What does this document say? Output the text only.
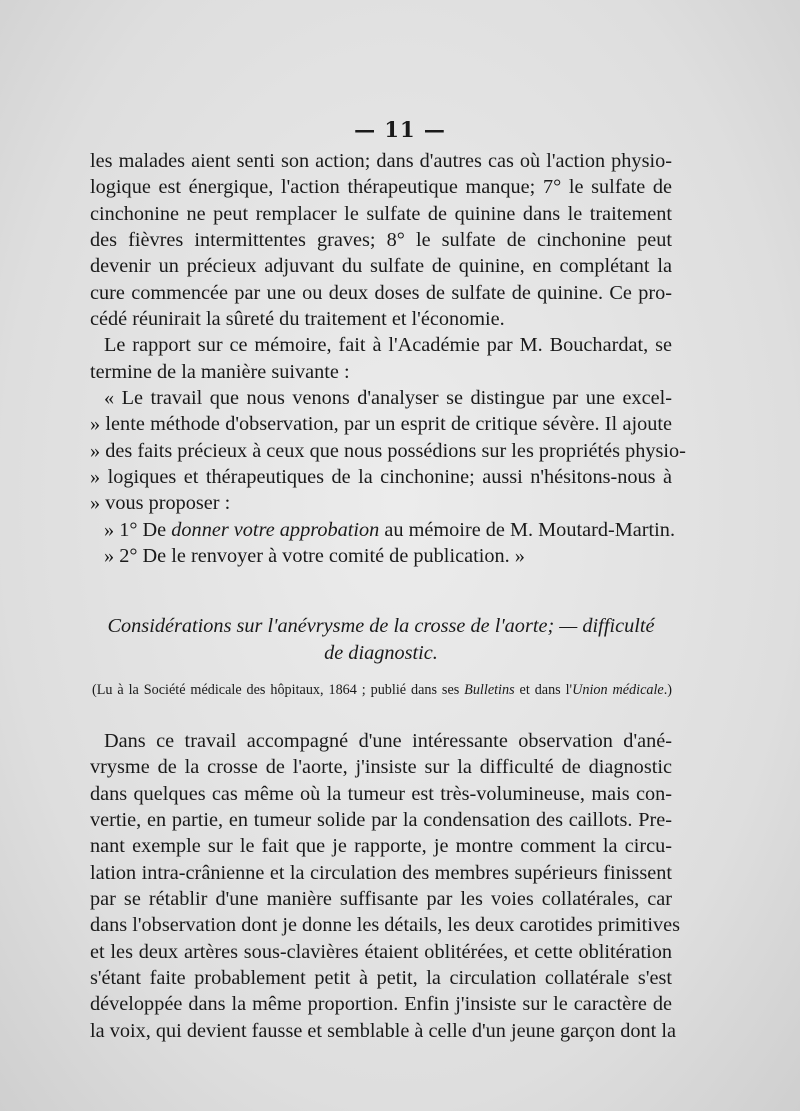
— 11 —
les malades aient senti son action; dans d'autres cas où l'action physio-
logique est énergique, l'action thérapeutique manque; 7° le sulfate de
cinchonine ne peut remplacer le sulfate de quinine dans le traitement
des fièvres intermittentes graves; 8° le sulfate de cinchonine peut
devenir un précieux adjuvant du sulfate de quinine, en complétant la
cure commencée par une ou deux doses de sulfate de quinine. Ce pro-
cédé réunirait la sûreté du traitement et l'économie.
Le rapport sur ce mémoire, fait à l'Académie par M. Bouchardat, se
termine de la manière suivante :
« Le travail que nous venons d'analyser se distingue par une excel-
» lente méthode d'observation, par un esprit de critique sévère. Il ajoute
» des faits précieux à ceux que nous possédions sur les propriétés physio-
» logiques et thérapeutiques de la cinchonine; aussi n'hésitons-nous à
» vous proposer :
» 1° De donner votre approbation au mémoire de M. Moutard-Martin.
» 2° De le renvoyer à votre comité de publication. »
Considérations sur l'anévrysme de la crosse de l'aorte; — difficulté
de diagnostic.
(Lu à la Société médicale des hôpitaux, 1864 ; publié dans ses Bulletins et dans l'Union médicale.)
Dans ce travail accompagné d'une intéressante observation d'ané-
vrysme de la crosse de l'aorte, j'insiste sur la difficulté de diagnostic
dans quelques cas même où la tumeur est très-volumineuse, mais con-
vertie, en partie, en tumeur solide par la condensation des caillots. Pre-
nant exemple sur le fait que je rapporte, je montre comment la circu-
lation intra-crânienne et la circulation des membres supérieurs finissent
par se rétablir d'une manière suffisante par les voies collatérales, car
dans l'observation dont je donne les détails, les deux carotides primitives
et les deux artères sous-clavières étaient oblitérées, et cette oblitération
s'étant faite probablement petit à petit, la circulation collatérale s'est
développée dans la même proportion. Enfin j'insiste sur le caractère de
la voix, qui devient fausse et semblable à celle d'un jeune garçon dont la
